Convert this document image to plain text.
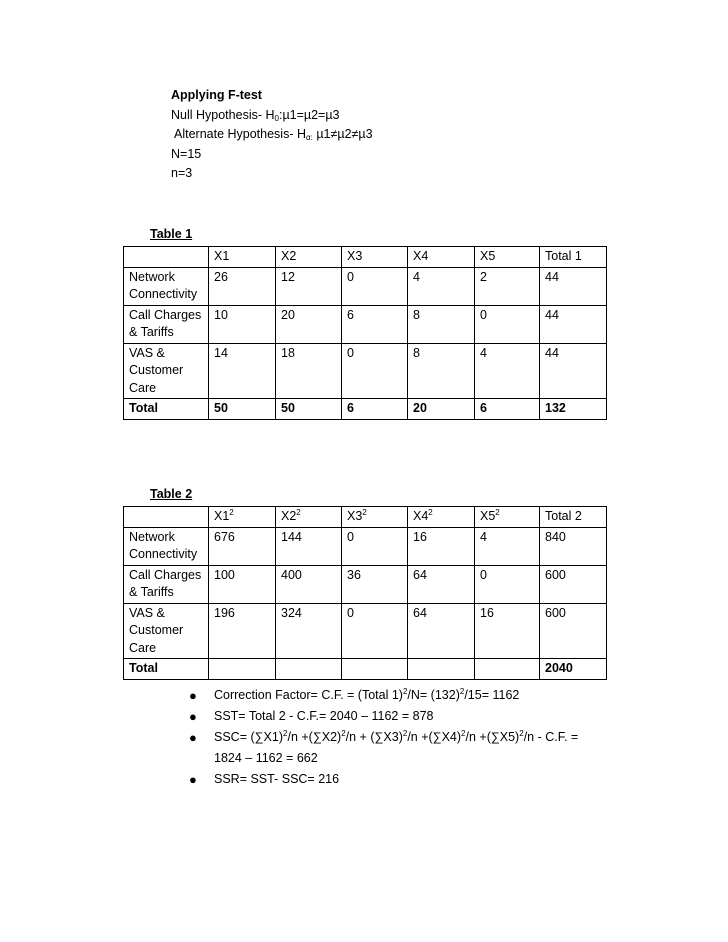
Applying F-test
Null Hypothesis- $H_0:\mu 1=\mu 2=\mu 3$
Alternate Hypothesis- $H_{\alpha:}$ µ1≠µ2≠µ3
N=15
n=3
Table 1
	X1	X2	X3	X4	X5	Total 1
Network Connectivity	26	12	0	4	2	44
Call Charges & Tariffs	10	20	6	8	0	44
VAS & Customer Care	14	18	0	8	4	44
Total	50	50	6	20	6	132
Table 2
	$X1^2$	$X2^2$	$X3^2$	$X4^2$	$X5^2$	Total 2
Network Connectivity	676	144	0	16	4	840
Call Charges & Tariffs	100	400	36	64	0	600
VAS & Customer Care	196	324	0	64	16	600
Total						2040
● Correction Factor= C.F. = (Total $1)^2/N= (132)^2/15= 1162$
● SST= Total 2 - C.F.= 2040 – 1162 = 878
● $SSC= (\sum X1)^2/n +(\sum X2)^2/n + (\sum X3)^2/n +(\sum X4)^2/n +(\sum X5)^2/n - C.F$. =
1824 – 1162 = 662
● SSR= SST- SSC= 216
